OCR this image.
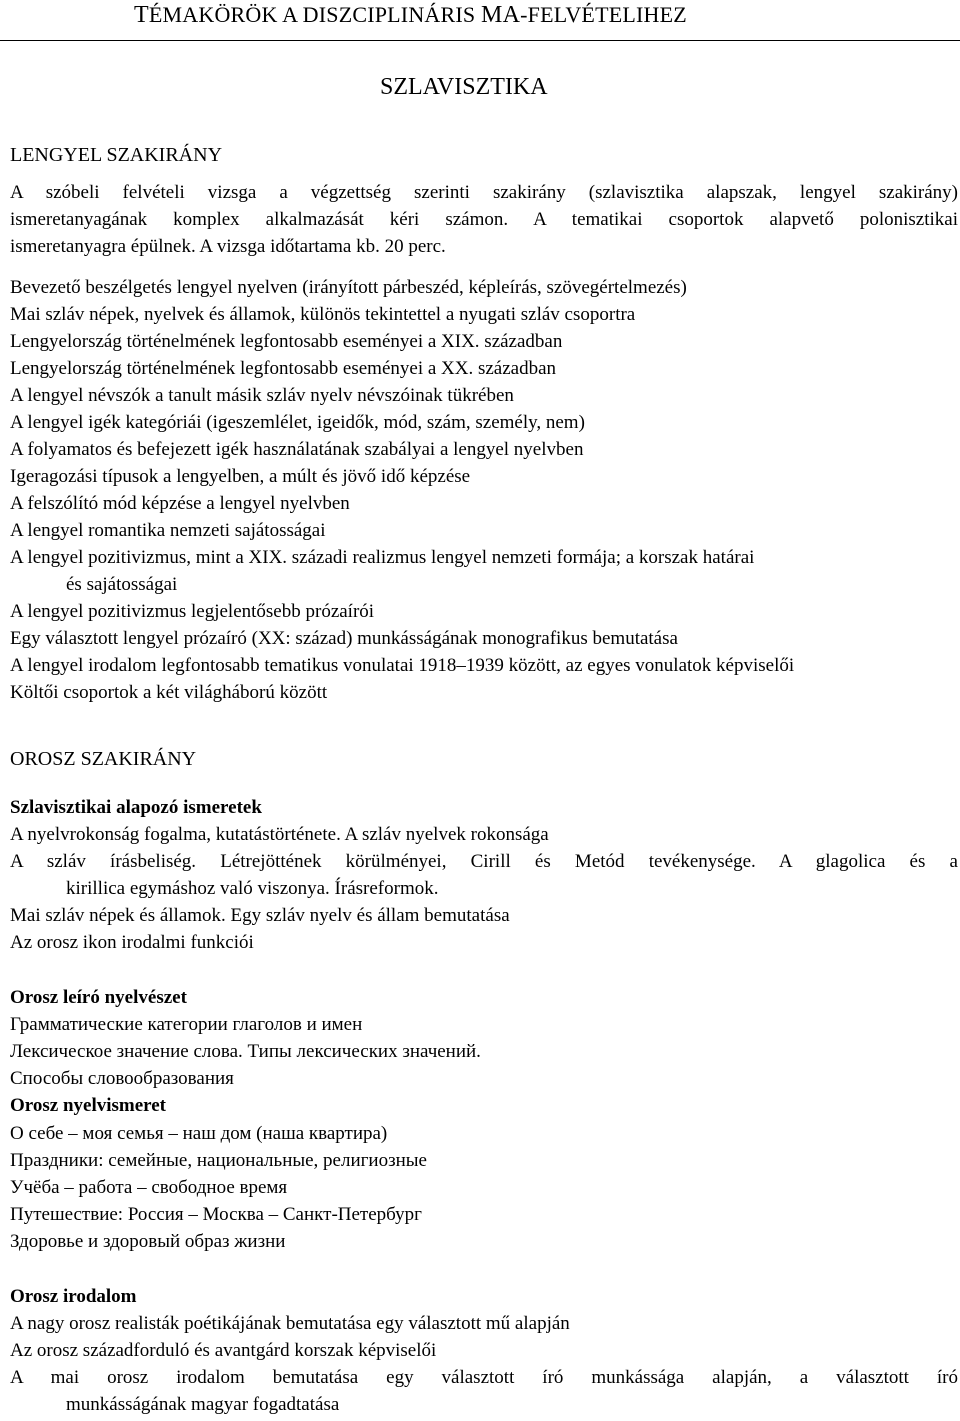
TÉMAKÖRÖK A DISZCIPLINÁRIS MA-FELVÉTELIHEZ
SZLAVISZTIKA
LENGYEL SZAKIRÁNY
A szóbeli felvételi vizsga a végzettség szerinti szakirány (szlavisztika alapszak, lengyel szakirány)
ismeretanyagának komplex alkalmazását kéri számon. A tematikai csoportok alapvető polonisztikai
ismeretanyagra épülnek. A vizsga időtartama kb. 20 perc.
Bevezető beszélgetés lengyel nyelven (irányított párbeszéd, képleírás, szövegértelmezés)
Mai szláv népek, nyelvek és államok, különös tekintettel a nyugati szláv csoportra
Lengyelország történelmének legfontosabb eseményei a XIX. században
Lengyelország történelmének legfontosabb eseményei a XX. században
A lengyel névszók a tanult másik szláv nyelv névszóinak tükrében
A lengyel igék kategóriái (igeszemlélet, igeidők, mód, szám, személy, nem)
A folyamatos és befejezett igék használatának szabályai a lengyel nyelvben
Igeragozási típusok a lengyelben, a múlt és jövő idő képzése
A felszólító mód képzése a lengyel nyelvben
A lengyel romantika nemzeti sajátosságai
A lengyel pozitivizmus, mint a XIX. századi realizmus lengyel nemzeti formája; a korszak határai
és sajátosságai
A lengyel pozitivizmus legjelentősebb prózaírói
Egy választott lengyel prózaíró (XX: század) munkásságának monografikus bemutatása
A lengyel irodalom legfontosabb tematikus vonulatai 1918–1939 között, az egyes vonulatok képviselői
Költői csoportok a két világháború között
OROSZ SZAKIRÁNY
Szlavisztikai alapozó ismeretek
A nyelvrokonság fogalma, kutatástörténete. A szláv nyelvek rokonsága
A szláv írásbeliség. Létrejöttének körülményei, Cirill és Metód tevékenysége. A glagolica és a
kirillica egymáshoz való viszonya. Írásreformok.
Mai szláv népek és államok. Egy szláv nyelv és állam bemutatása
Az orosz ikon irodalmi funkciói
Orosz leíró nyelvészet
Грамматические категории глаголов и имен
Лексическое значение слова. Типы лексических значений.
Способы словообразования
Orosz nyelvismeret
О себе – моя семья – наш дом (наша квартира)
Праздники: семейные, национальные, религиозные
Учёба – работа – свободное время
Путешествие: Россия – Москва – Санкт-Петербург
Здоровье и здоровый образ жизни
Orosz irodalom
A nagy orosz realisták poétikájának bemutatása egy választott mű alapján
Az orosz századforduló és avantgárd korszak képviselői
A mai orosz irodalom bemutatása egy választott író munkássága alapján, a választott író
munkásságának magyar fogadtatása
